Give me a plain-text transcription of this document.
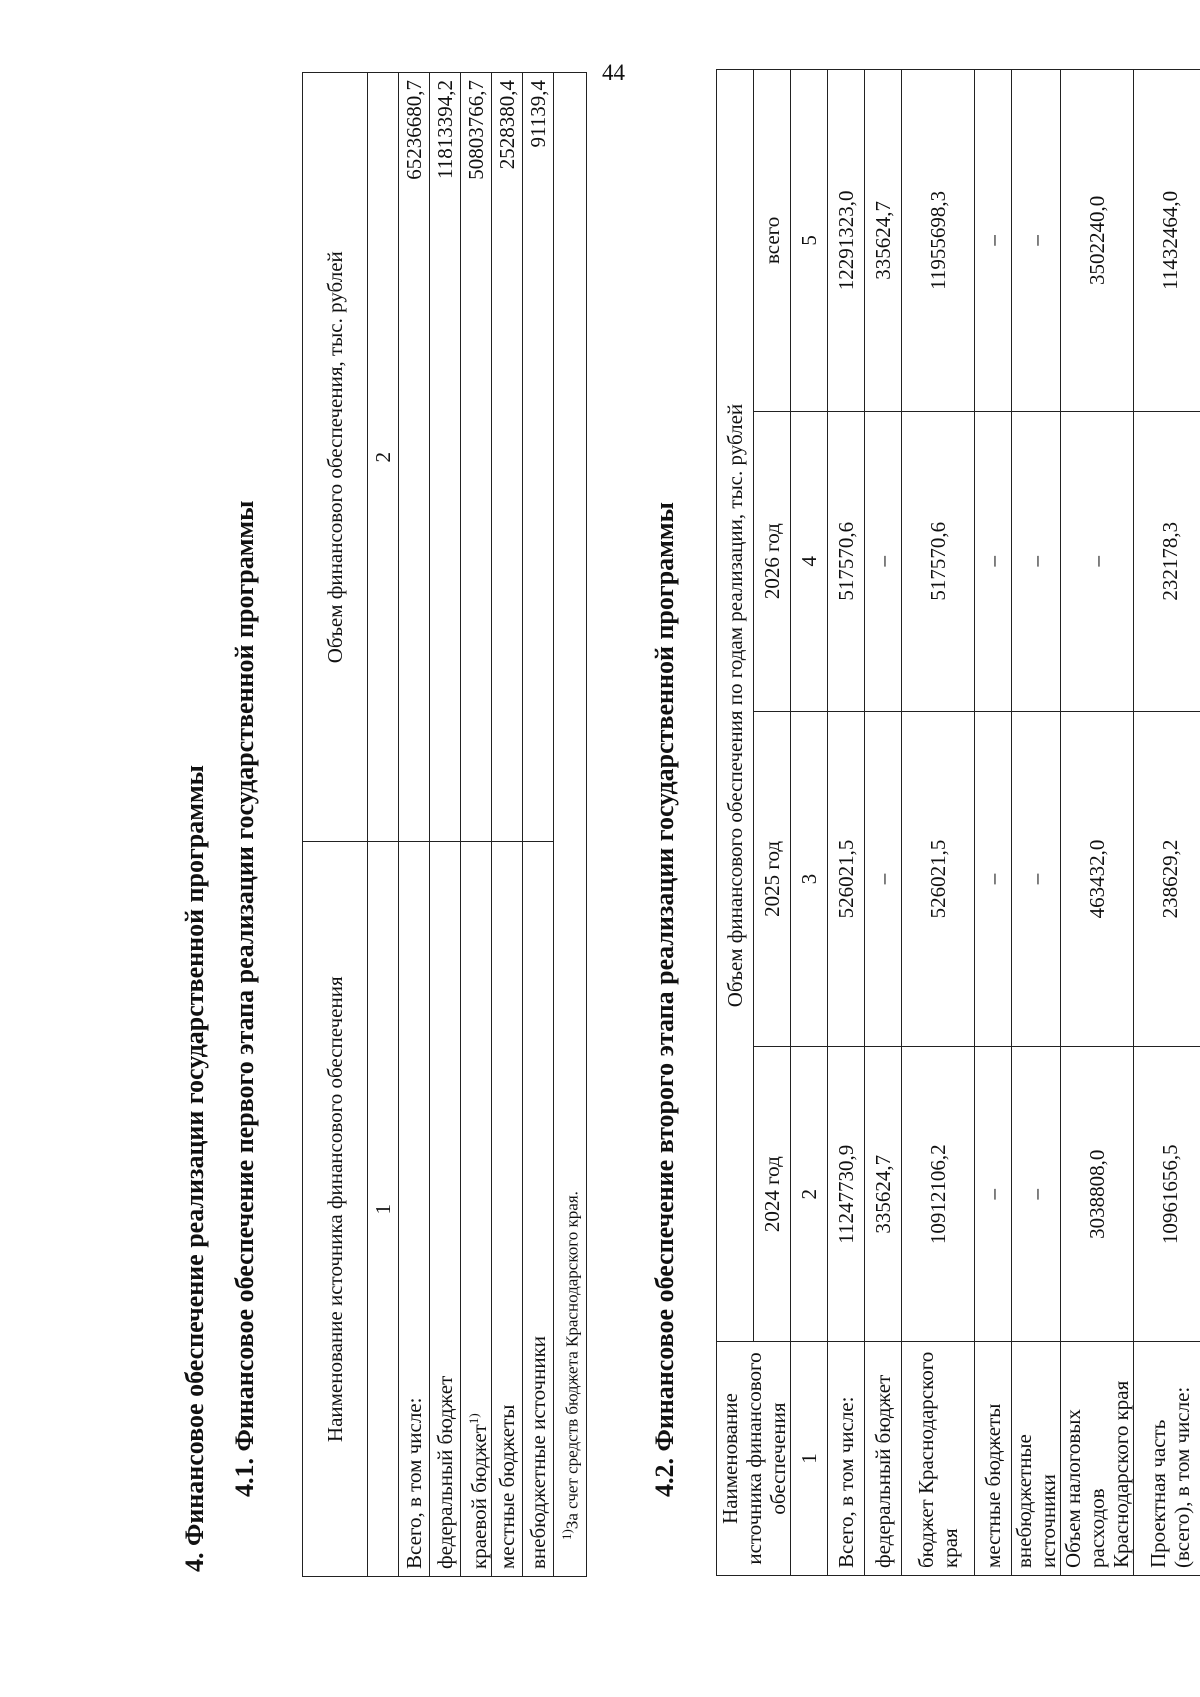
44
4. Финансовое обеспечение реализации государственной программы 4.1. Финансовое обеспечение первого этапа реализации государственной программы	Наименование источника финансового обеспечения	Объем финансового обеспечения, тыс. рублей
1	2
Всего, в том числе:	65236680,7
федеральный бюджет	11813394,2
краевой бюджет$^{1)}$	50803766,7
местные бюджеты	2528380,4
внебюджетные источники	91139,4
$^{1)}$За счет средств бюджета Краснодарского края.		4.2. Финансовое обеспечение второго этапа реализации государственной программы Наименование источника финансового обеспечения	Объем финансового обеспечения по годам реализации, тыс. рублей			
	2024 год	2025 год	2026 год	всего
1	2	3	4	5
Всего, в том числе:	11247730,9	526021,5	517570,6	12291323,0
федеральный бюджет	335624,7	–	–	335624,7
бюджет Краснодарского края	10912106,2	526021,5	517570,6	11955698,3
местные бюджеты	–	–	–	–
внебюджетные источники	–	–	–	–
Объем налоговых расходов Краснодарского края	3038808,0	463432,0	–	3502240,0
Проектная часть (всего), в том числе:	10961656,5	238629,2	232178,3	11432464,0
